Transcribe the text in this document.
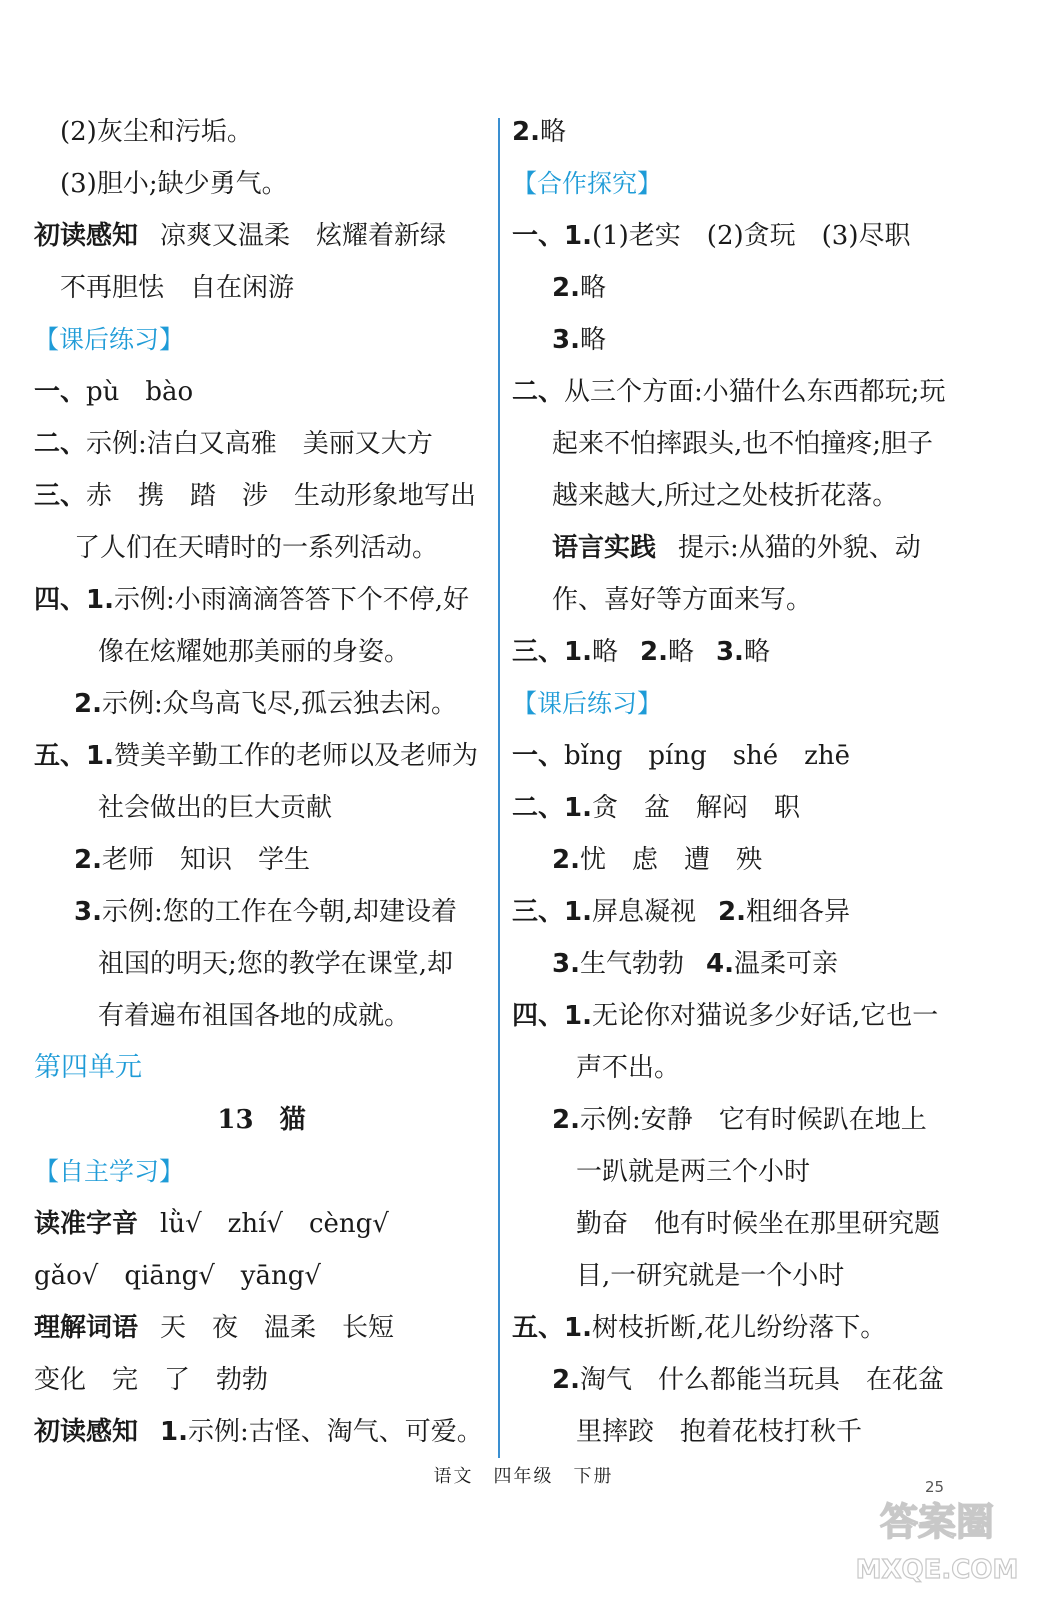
(2)灰尘和污垢。
(3)胆小;缺少勇气。
初读感知 凉爽又温柔　炫耀着新绿
不再胆怯　自在闲游
【课后练习】
一、pù　bào
二、示例:洁白又高雅　美丽又大方
三、赤　携　踏　涉　生动形象地写出
了人们在天晴时的一系列活动。
四、1.示例:小雨滴滴答答下个不停,好
像在炫耀她那美丽的身姿。
2.示例:众鸟高飞尽,孤云独去闲。
五、1.赞美辛勤工作的老师以及老师为
社会做出的巨大贡献
2.老师　知识　学生
3.示例:您的工作在今朝,却建设着
祖国的明天;您的教学在课堂,却
有着遍布祖国各地的成就。
第四单元
13　猫
【自主学习】
读准字音 lǜ√　zhí√　cèng√
gǎo√　qiāng√　yāng√
理解词语 天　夜　温柔　长短
变化　完　了　勃勃
初读感知 1.示例:古怪、淘气、可爱。
2.略
【合作探究】
一、1.(1)老实　(2)贪玩　(3)尽职
2.略
3.略
二、从三个方面:小猫什么东西都玩;玩
起来不怕摔跟头,也不怕撞疼;胆子
越来越大,所过之处枝折花落。
语言实践 提示:从猫的外貌、动
作、喜好等方面来写。
三、1.略 2.略 3.略
【课后练习】
一、bǐng　píng　shé　zhē
二、1.贪　盆　解闷　职
2.忧　虑　遭　殃
三、1.屏息凝视 2.粗细各异
3.生气勃勃 4.温柔可亲
四、1.无论你对猫说多少好话,它也一
声不出。
2.示例:安静　它有时候趴在地上
一趴就是两三个小时
勤奋　他有时候坐在那里研究题
目,一研究就是一个小时
五、1.树枝折断,花儿纷纷落下。
2.淘气　什么都能当玩具　在花盆
里摔跤　抱着花枝打秋千
语文　四年级　下册	25
答案圈
MXQE.COM
